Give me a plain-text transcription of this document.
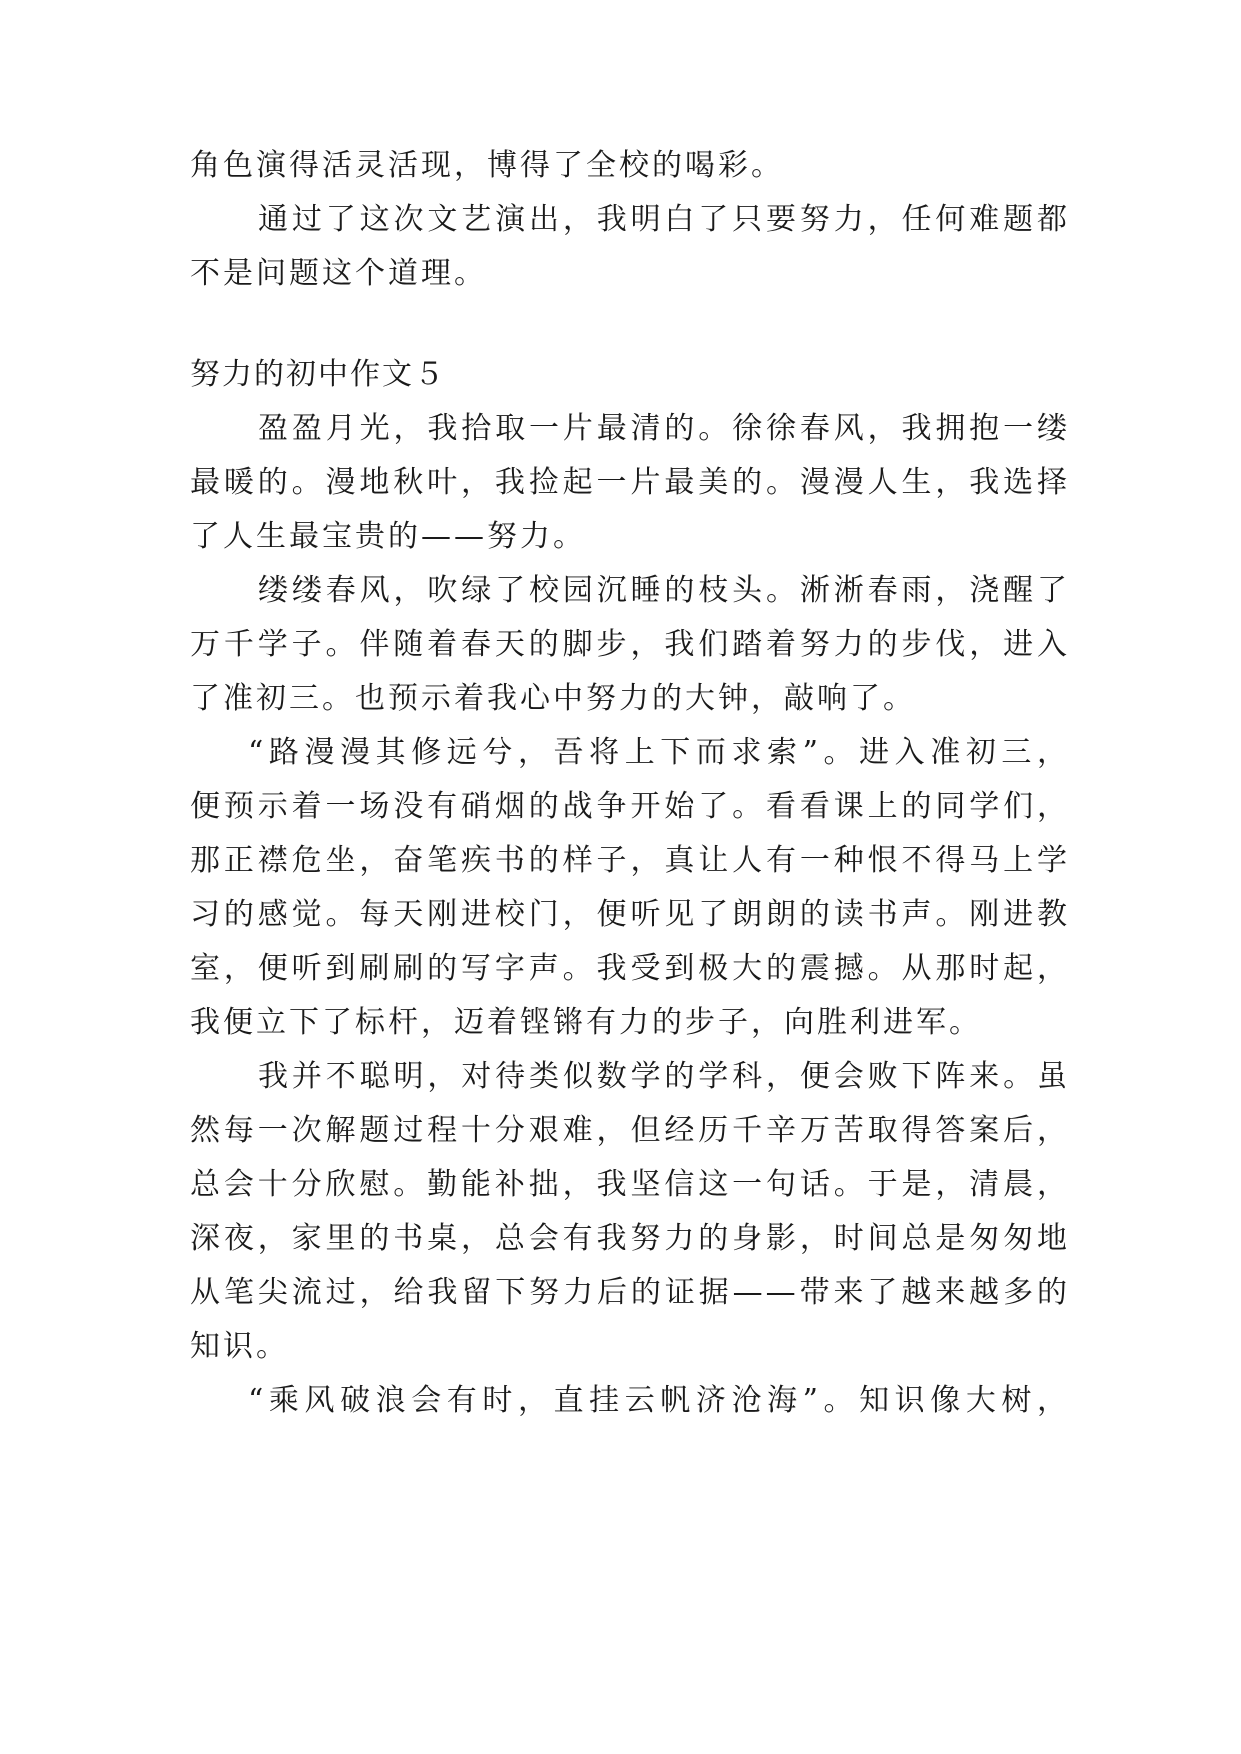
角色演得活灵活现，博得了全校的喝彩。
通过了这次文艺演出，我明白了只要努力，任何难题都
不是问题这个道理。
努力的初中作文５
盈盈月光，我拾取一片最清的。徐徐春风，我拥抱一缕
最暖的。漫地秋叶，我捡起一片最美的。漫漫人生，我选择
了人生最宝贵的——努力。
缕缕春风，吹绿了校园沉睡的枝头。淅淅春雨，浇醒了
万千学子。伴随着春天的脚步，我们踏着努力的步伐，进入
了准初三。也预示着我心中努力的大钟，敲响了。
“路漫漫其修远兮，吾将上下而求索”。进入准初三，
便预示着一场没有硝烟的战争开始了。看看课上的同学们，
那正襟危坐，奋笔疾书的样子，真让人有一种恨不得马上学
习的感觉。每天刚进校门，便听见了朗朗的读书声。刚进教
室，便听到刷刷的写字声。我受到极大的震撼。从那时起，
我便立下了标杆，迈着铿锵有力的步子，向胜利进军。
我并不聪明，对待类似数学的学科，便会败下阵来。虽
然每一次解题过程十分艰难，但经历千辛万苦取得答案后，
总会十分欣慰。勤能补拙，我坚信这一句话。于是，清晨，
深夜，家里的书桌，总会有我努力的身影，时间总是匆匆地
从笔尖流过，给我留下努力后的证据——带来了越来越多的
知识。
“乘风破浪会有时，直挂云帆济沧海”。知识像大树，
